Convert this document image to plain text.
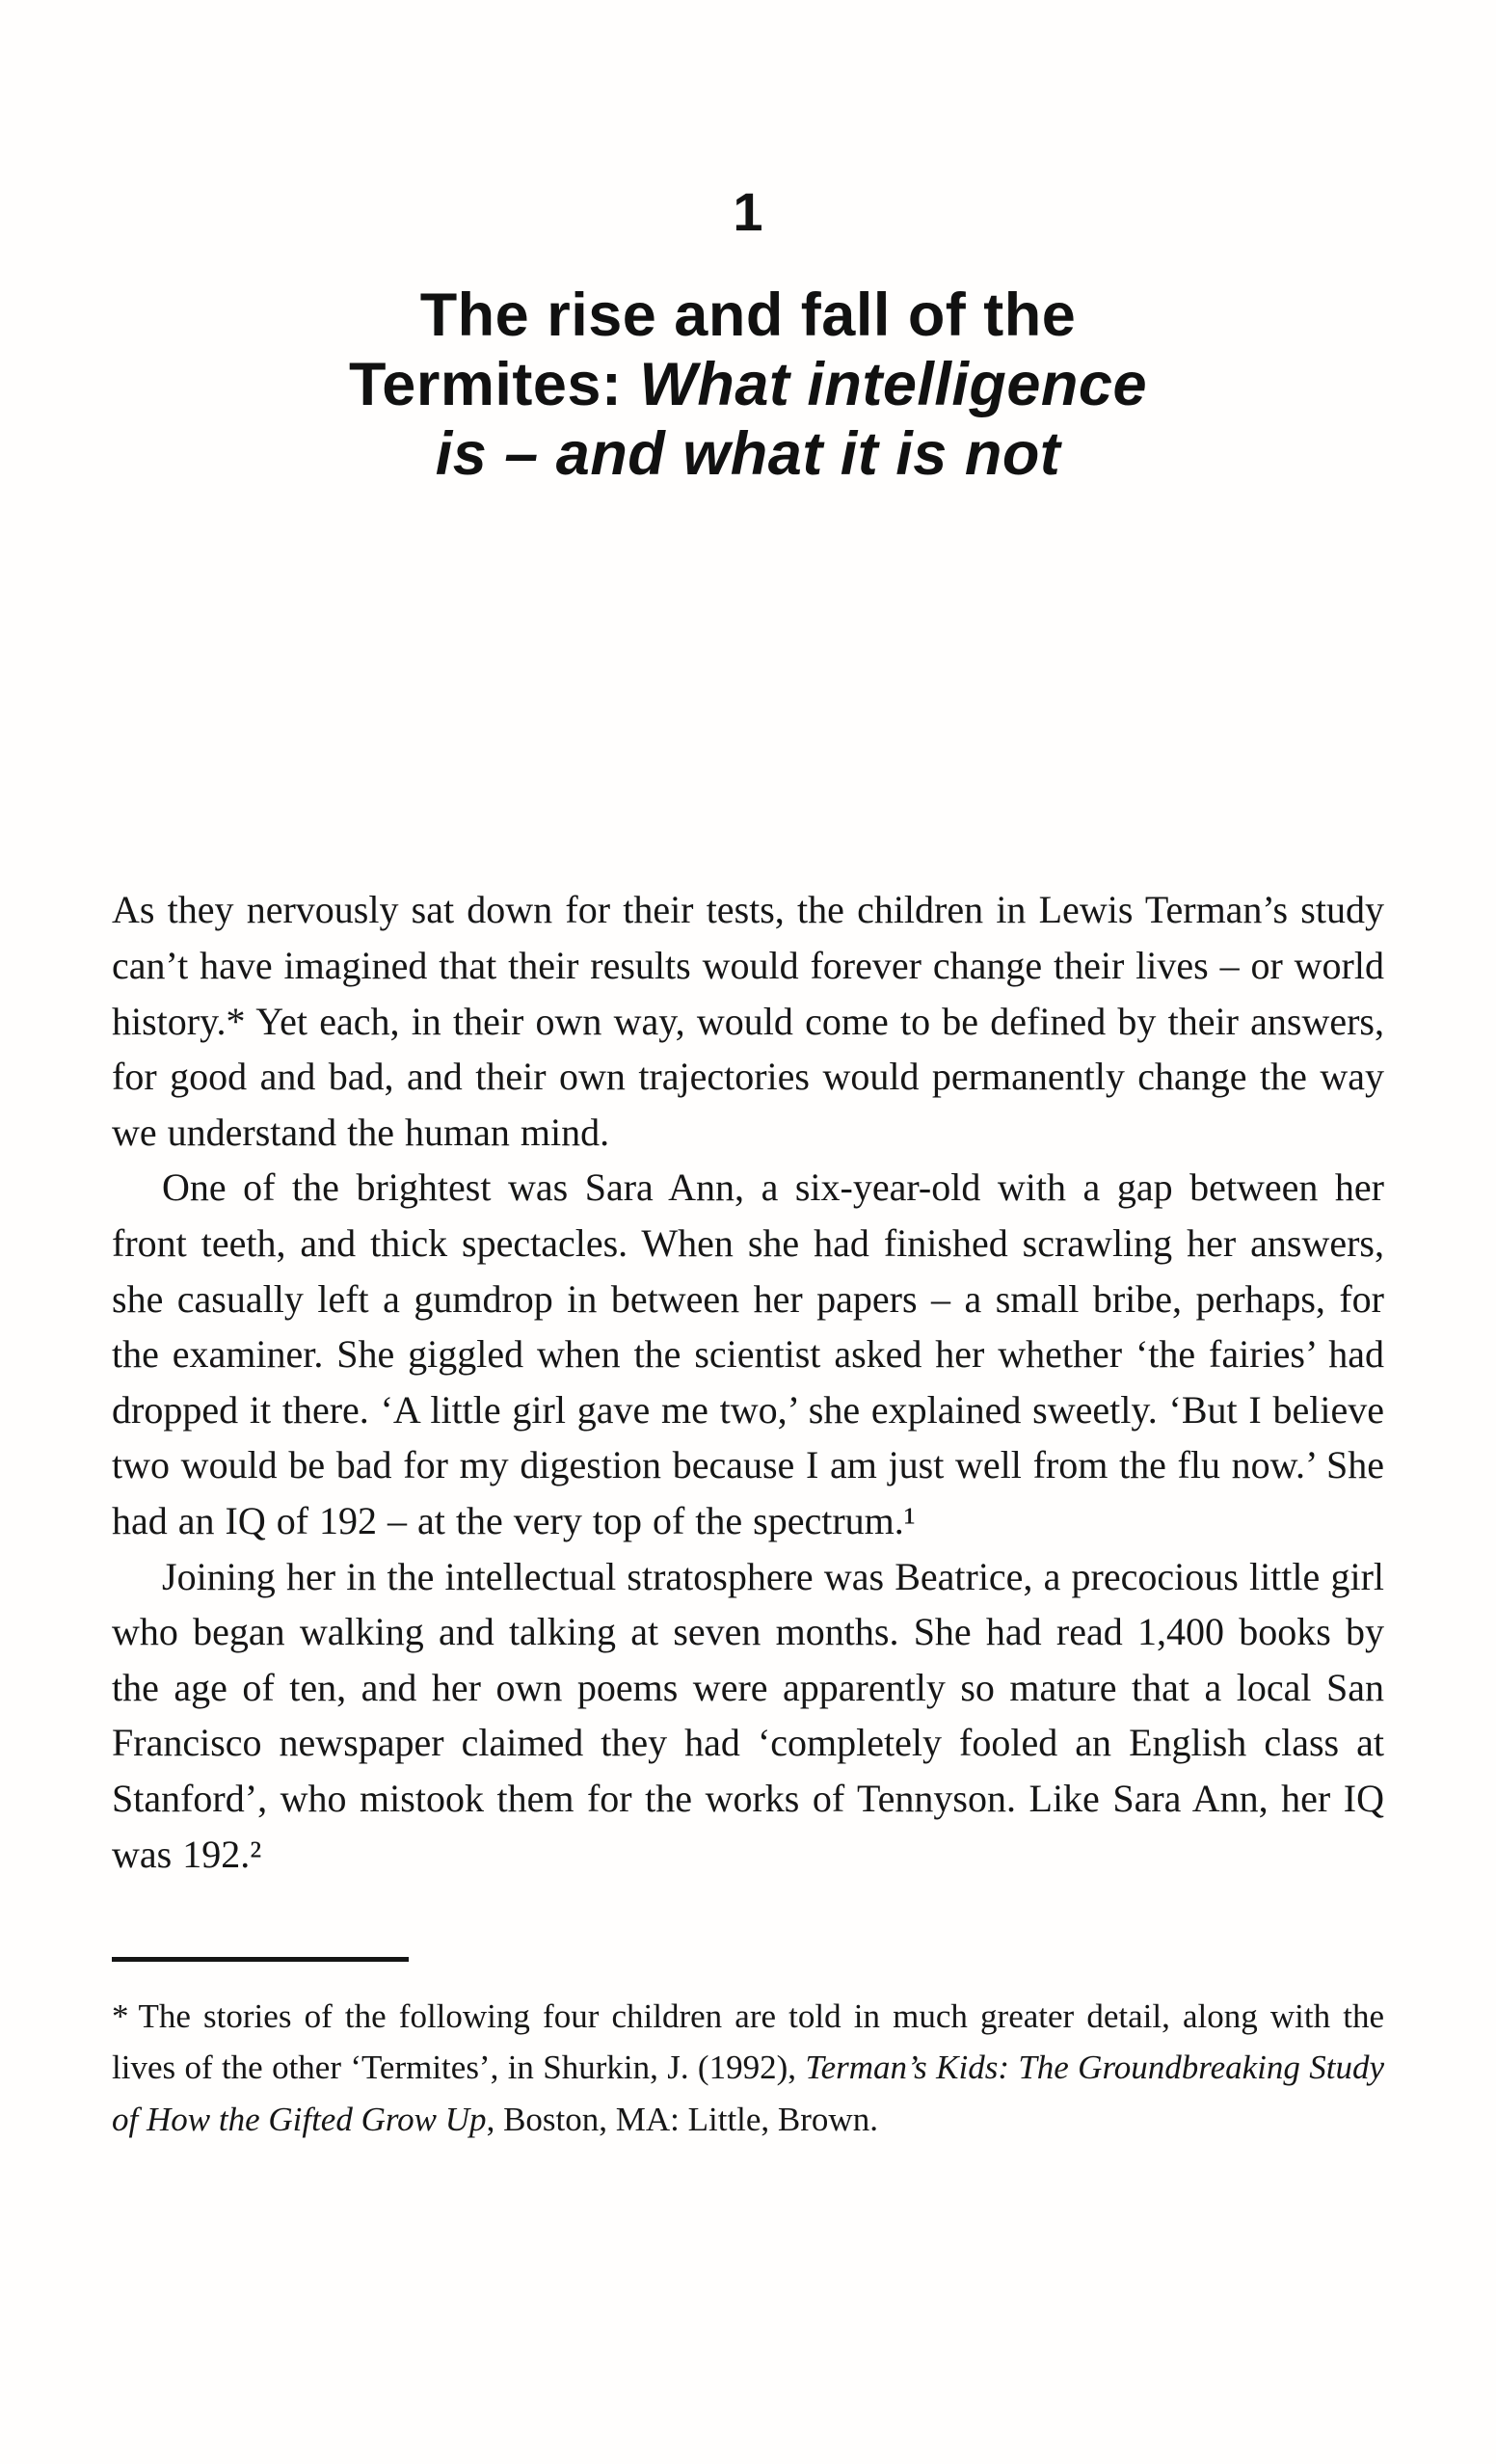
1
The rise and fall of the
Termites: What intelligence
is – and what it is not

As they nervously sat down for their tests, the children in Lewis Terman’s study can’t have imagined that their results would forever change their lives – or world history.* Yet each, in their own way, would come to be defined by their answers, for good and bad, and their own trajectories would permanently change the way we understand the human mind.

One of the brightest was Sara Ann, a six-year-old with a gap between her front teeth, and thick spectacles. When she had finished scrawling her answers, she casually left a gumdrop in between her papers – a small bribe, perhaps, for the examiner. She giggled when the scientist asked her whether ‘the fairies’ had dropped it there. ‘A little girl gave me two,’ she explained sweetly. ‘But I believe two would be bad for my digestion because I am just well from the flu now.’ She had an IQ of 192 – at the very top of the spectrum.¹

Joining her in the intellectual stratosphere was Beatrice, a precocious little girl who began walking and talking at seven months. She had read 1,400 books by the age of ten, and her own poems were apparently so mature that a local San Francisco newspaper claimed they had ‘completely fooled an English class at Stanford’, who mistook them for the works of Tennyson. Like Sara Ann, her IQ was 192.²

* The stories of the following four children are told in much greater detail, along with the lives of the other ‘Termites’, in Shurkin, J. (1992), Terman’s Kids: The Groundbreaking Study of How the Gifted Grow Up, Boston, MA: Little, Brown.
